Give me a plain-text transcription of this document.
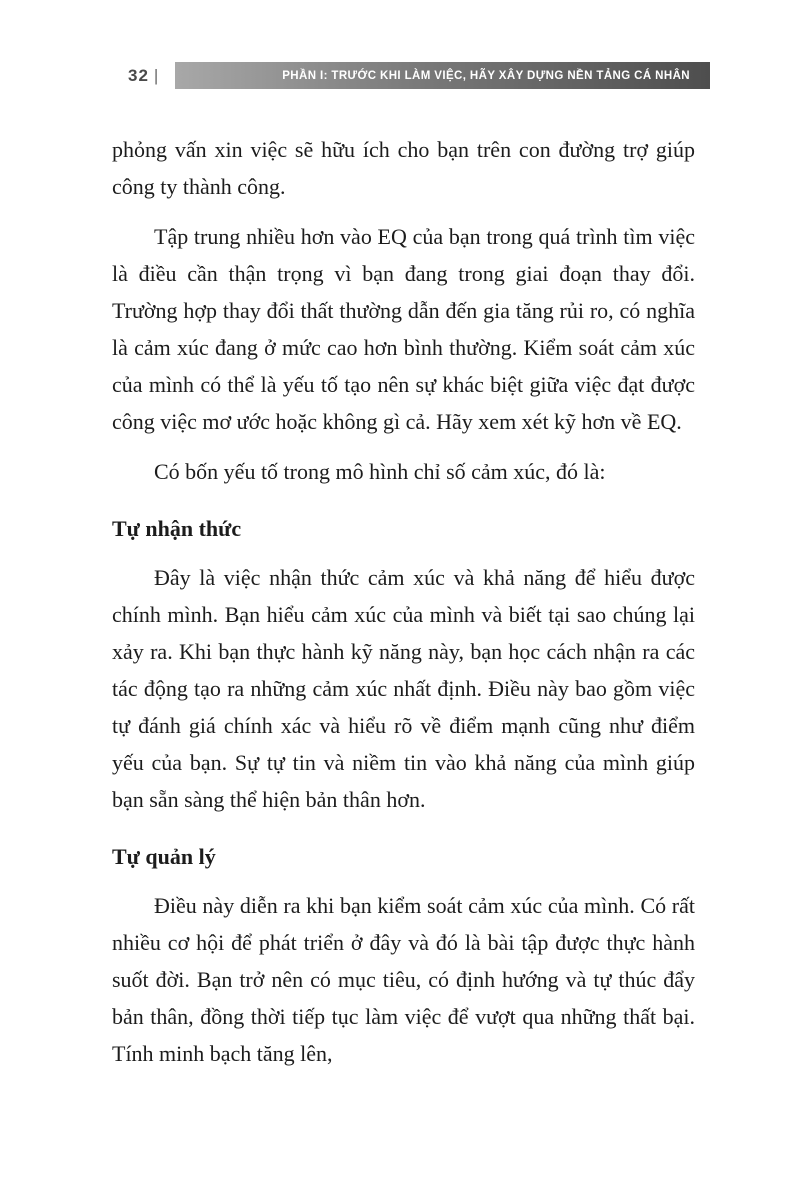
32 |	PHẦN I: TRƯỚC KHI LÀM VIỆC, HÃY XÂY DỰNG NỀN TẢNG CÁ NHÂN

phỏng vấn xin việc sẽ hữu ích cho bạn trên con đường trợ giúp công ty thành công.

Tập trung nhiều hơn vào EQ của bạn trong quá trình tìm việc là điều cần thận trọng vì bạn đang trong giai đoạn thay đổi. Trường hợp thay đổi thất thường dẫn đến gia tăng rủi ro, có nghĩa là cảm xúc đang ở mức cao hơn bình thường. Kiểm soát cảm xúc của mình có thể là yếu tố tạo nên sự khác biệt giữa việc đạt được công việc mơ ước hoặc không gì cả. Hãy xem xét kỹ hơn về EQ.

Có bốn yếu tố trong mô hình chỉ số cảm xúc, đó là:

Tự nhận thức

Đây là việc nhận thức cảm xúc và khả năng để hiểu được chính mình. Bạn hiểu cảm xúc của mình và biết tại sao chúng lại xảy ra. Khi bạn thực hành kỹ năng này, bạn học cách nhận ra các tác động tạo ra những cảm xúc nhất định. Điều này bao gồm việc tự đánh giá chính xác và hiểu rõ về điểm mạnh cũng như điểm yếu của bạn. Sự tự tin và niềm tin vào khả năng của mình giúp bạn sẵn sàng thể hiện bản thân hơn.

Tự quản lý

Điều này diễn ra khi bạn kiểm soát cảm xúc của mình. Có rất nhiều cơ hội để phát triển ở đây và đó là bài tập được thực hành suốt đời. Bạn trở nên có mục tiêu, có định hướng và tự thúc đẩy bản thân, đồng thời tiếp tục làm việc để vượt qua những thất bại. Tính minh bạch tăng lên,
